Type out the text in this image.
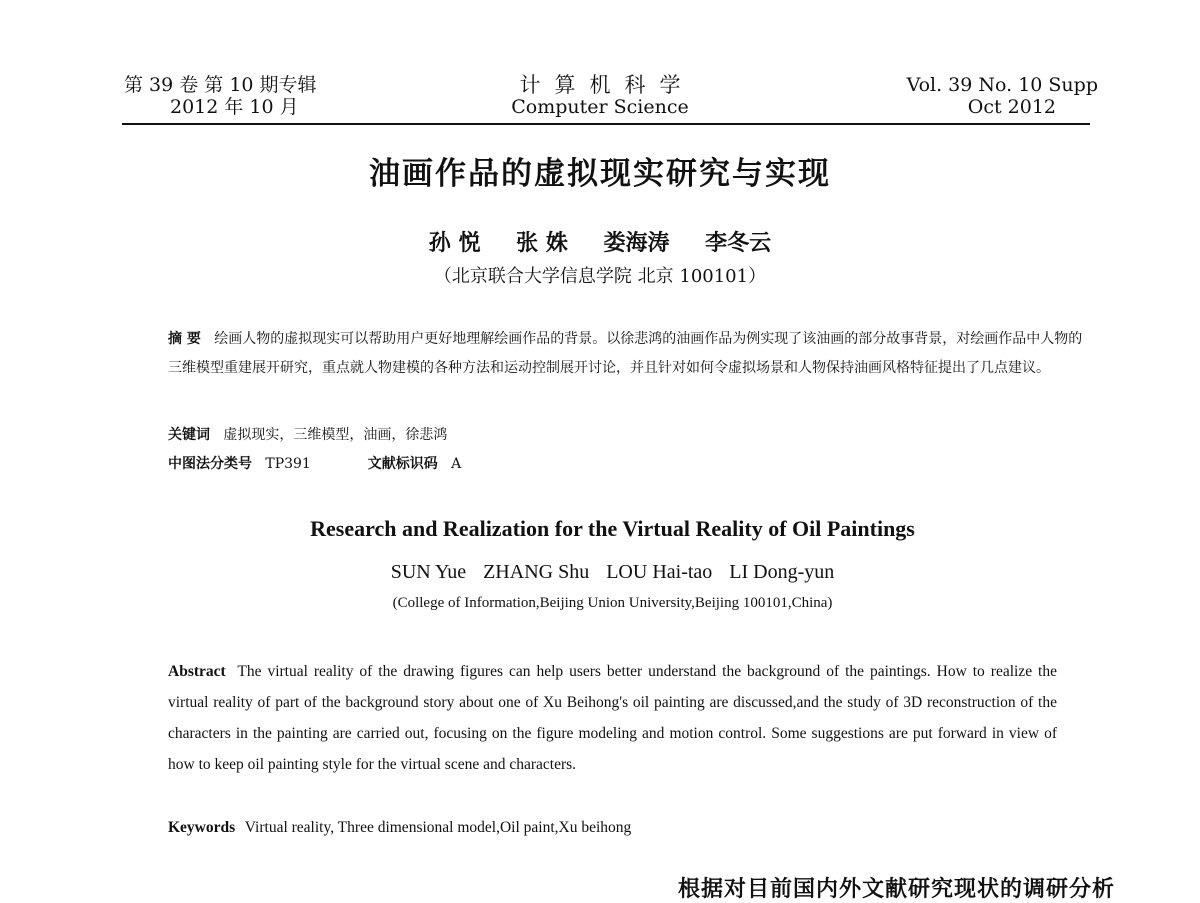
第 39 卷 第 10 期专辑
2012 年 10 月
计算机科学
Computer Science
Vol. 39 No. 10 Supp
Oct 2012
油画作品的虚拟现实研究与实现
孙 悦 张 姝 娄海涛 李冬云
（北京联合大学信息学院 北京 100101）
摘 要 绘画人物的虚拟现实可以帮助用户更好地理解绘画作品的背景。以徐悲鸿的油画作品为例实现了该油画的部分故事背景，对绘画作品中人物的三维模型重建展开研究，重点就人物建模的各种方法和运动控制展开讨论，并且针对如何令虚拟场景和人物保持油画风格特征提出了几点建议。
关键词 虚拟现实，三维模型，油画，徐悲鸿
中图法分类号 TP391	文献标识码 A
Research and Realization for the Virtual Reality of Oil Paintings
SUN Yue ZHANG Shu LOU Hai-tao LI Dong-yun
(College of Information,Beijing Union University,Beijing 100101,China)
Abstract The virtual reality of the drawing figures can help users better understand the background of the paintings. How to realize the virtual reality of part of the background story about one of Xu Beihong's oil painting are discussed,and the study of 3D reconstruction of the characters in the painting are carried out, focusing on the figure modeling and motion control. Some suggestions are put forward in view of how to keep oil painting style for the virtual scene and characters.
Keywords Virtual reality, Three dimensional model,Oil paint,Xu beihong
根据对目前国内外文献研究现状的调研分析
